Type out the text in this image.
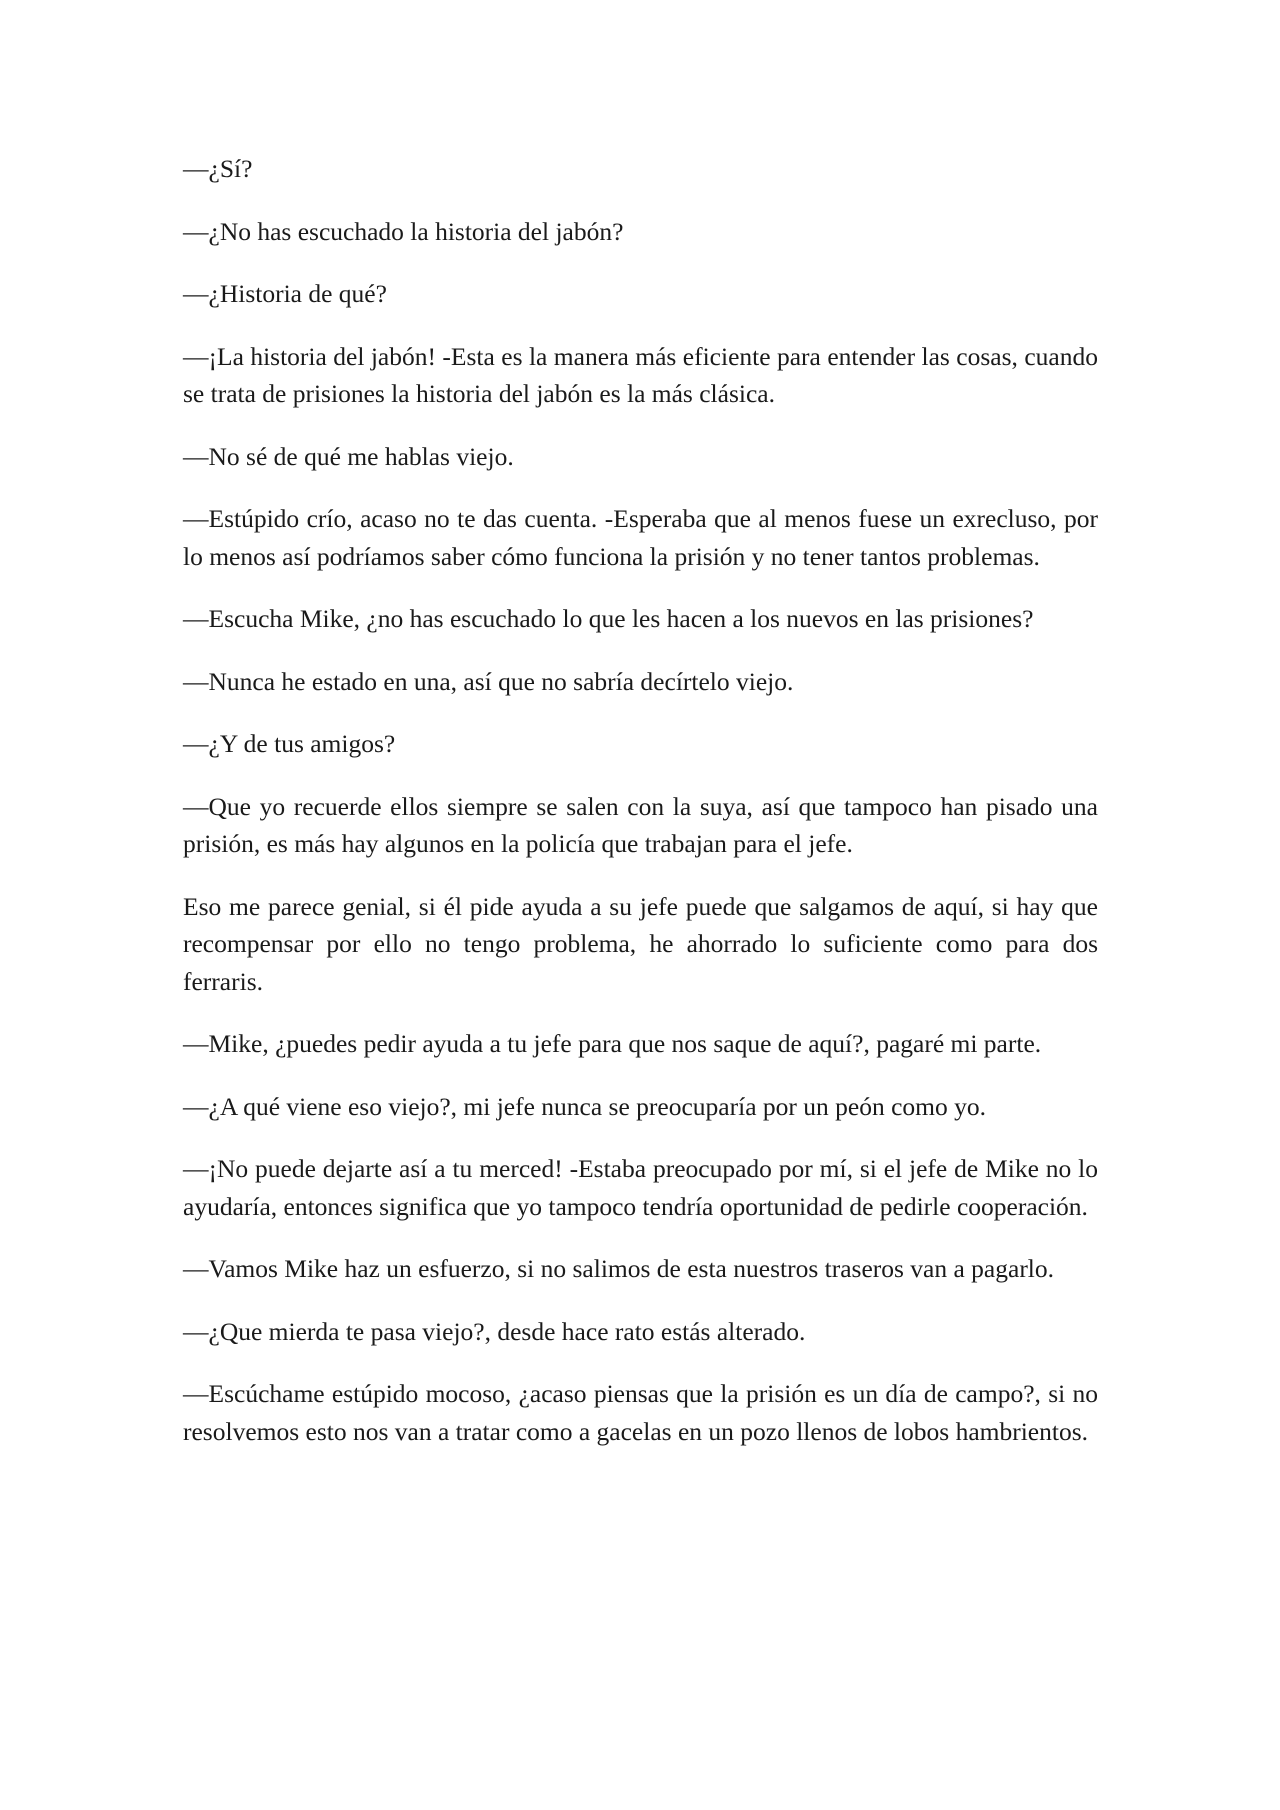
—¿Sí?

—¿No has escuchado la historia del jabón?

—¿Historia de qué?

—¡La historia del jabón! -Esta es la manera más eficiente para entender las cosas, cuando se trata de prisiones la historia del jabón es la más clásica.

—No sé de qué me hablas viejo.

—Estúpido crío, acaso no te das cuenta. -Esperaba que al menos fuese un exrecluso, por lo menos así podríamos saber cómo funciona la prisión y no tener tantos problemas.

—Escucha Mike, ¿no has escuchado lo que les hacen a los nuevos en las prisiones?

—Nunca he estado en una, así que no sabría decírtelo viejo.

—¿Y de tus amigos?

—Que yo recuerde ellos siempre se salen con la suya, así que tampoco han pisado una prisión, es más hay algunos en la policía que trabajan para el jefe.

Eso me parece genial, si él pide ayuda a su jefe puede que salgamos de aquí, si hay que recompensar por ello no tengo problema, he ahorrado lo suficiente como para dos ferraris.

—Mike, ¿puedes pedir ayuda a tu jefe para que nos saque de aquí?, pagaré mi parte.

—¿A qué viene eso viejo?, mi jefe nunca se preocuparía por un peón como yo.

—¡No puede dejarte así a tu merced! -Estaba preocupado por mí, si el jefe de Mike no lo ayudaría, entonces significa que yo tampoco tendría oportunidad de pedirle cooperación.

—Vamos Mike haz un esfuerzo, si no salimos de esta nuestros traseros van a pagarlo.

—¿Que mierda te pasa viejo?, desde hace rato estás alterado.

—Escúchame estúpido mocoso, ¿acaso piensas que la prisión es un día de campo?, si no resolvemos esto nos van a tratar como a gacelas en un pozo llenos de lobos hambrientos.
